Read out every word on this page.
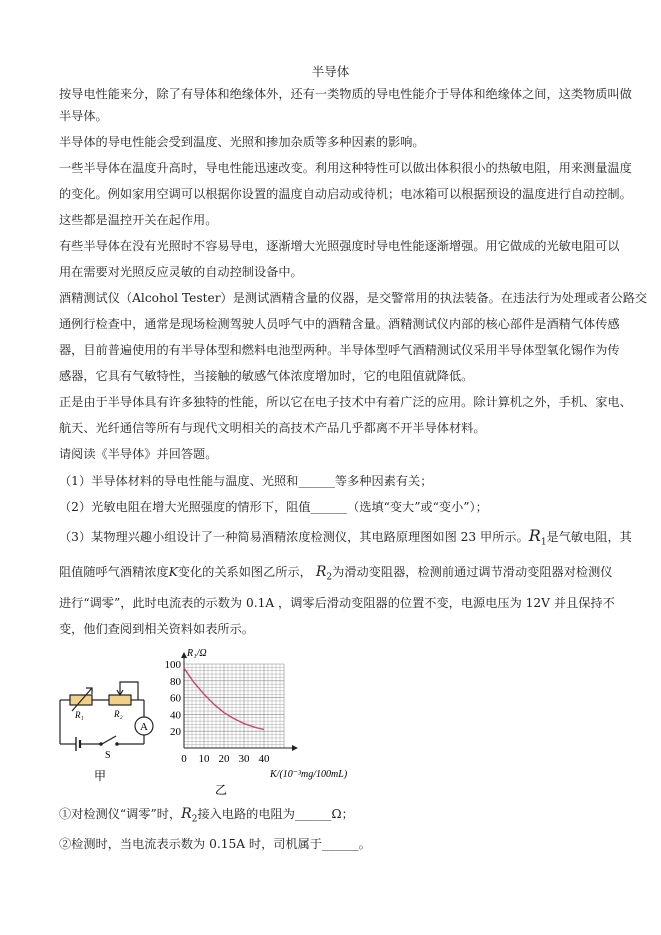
半导体
按导电性能来分，除了有导体和绝缘体外，还有一类物质的导电性能介于导体和绝缘体之间，这类物质叫做
半导体。
半导体的导电性能会受到温度、光照和掺加杂质等多种因素的影响。
一些半导体在温度升高时，导电性能迅速改变。利用这种特性可以做出体积很小的热敏电阻，用来测量温度
的变化。例如家用空调可以根据你设置的温度自动启动或待机；电冰箱可以根据预设的温度进行自动控制。
这些都是温控开关在起作用。
有些半导体在没有光照时不容易导电，逐渐增大光照强度时导电性能逐渐增强。用它做成的光敏电阻可以
用在需要对光照反应灵敏的自动控制设备中。
酒精测试仪（Alcohol Tester）是测试酒精含量的仪器，是交警常用的执法装备。在违法行为处理或者公路交
通例行检查中，通常是现场检测驾驶人员呼气中的酒精含量。酒精测试仪内部的核心部件是酒精气体传感
器，目前普遍使用的有半导体型和燃料电池型两种。半导体型呼气酒精测试仪采用半导体型氧化锡作为传
感器，它具有气敏特性，当接触的敏感气体浓度增加时，它的电阻值就降低。
正是由于半导体具有许多独特的性能，所以它在电子技术中有着广泛的应用。除计算机之外，手机、家电、
航天、光纤通信等所有与现代文明相关的高技术产品几乎都离不开半导体材料。
请阅读《半导体》并回答题。
（1）半导体材料的导电性能与温度、光照和______等多种因素有关；
（2）光敏电阻在增大光照强度的情形下，阻值______（选填“变大”或“变小”）；
（3）某物理兴趣小组设计了一种简易酒精浓度检测仪，其电路原理图如图 23 甲所示。$R_1$是气敏电阻，其
阻值随呼气酒精浓度K变化的关系如图乙所示， $R_2$为滑动变阻器，检测前通过调节滑动变阻器对检测仪
进行“调零”，此时电流表的示数为 0.1A ，调零后滑动变阻器的位置不变，电源电压为 12V 并且保持不
变，他们查阅到相关资料如表所示。
A
R₁	R₂
S
甲
100
80
60
40
20
0 10 20 30 40
R₁/Ω
K/(10⁻³mg/100mL)
乙
①对检测仪“调零”时，$R_2$接入电路的电阻为______Ω；
②检测时，当电流表示数为 0.15A 时，司机属于______。
